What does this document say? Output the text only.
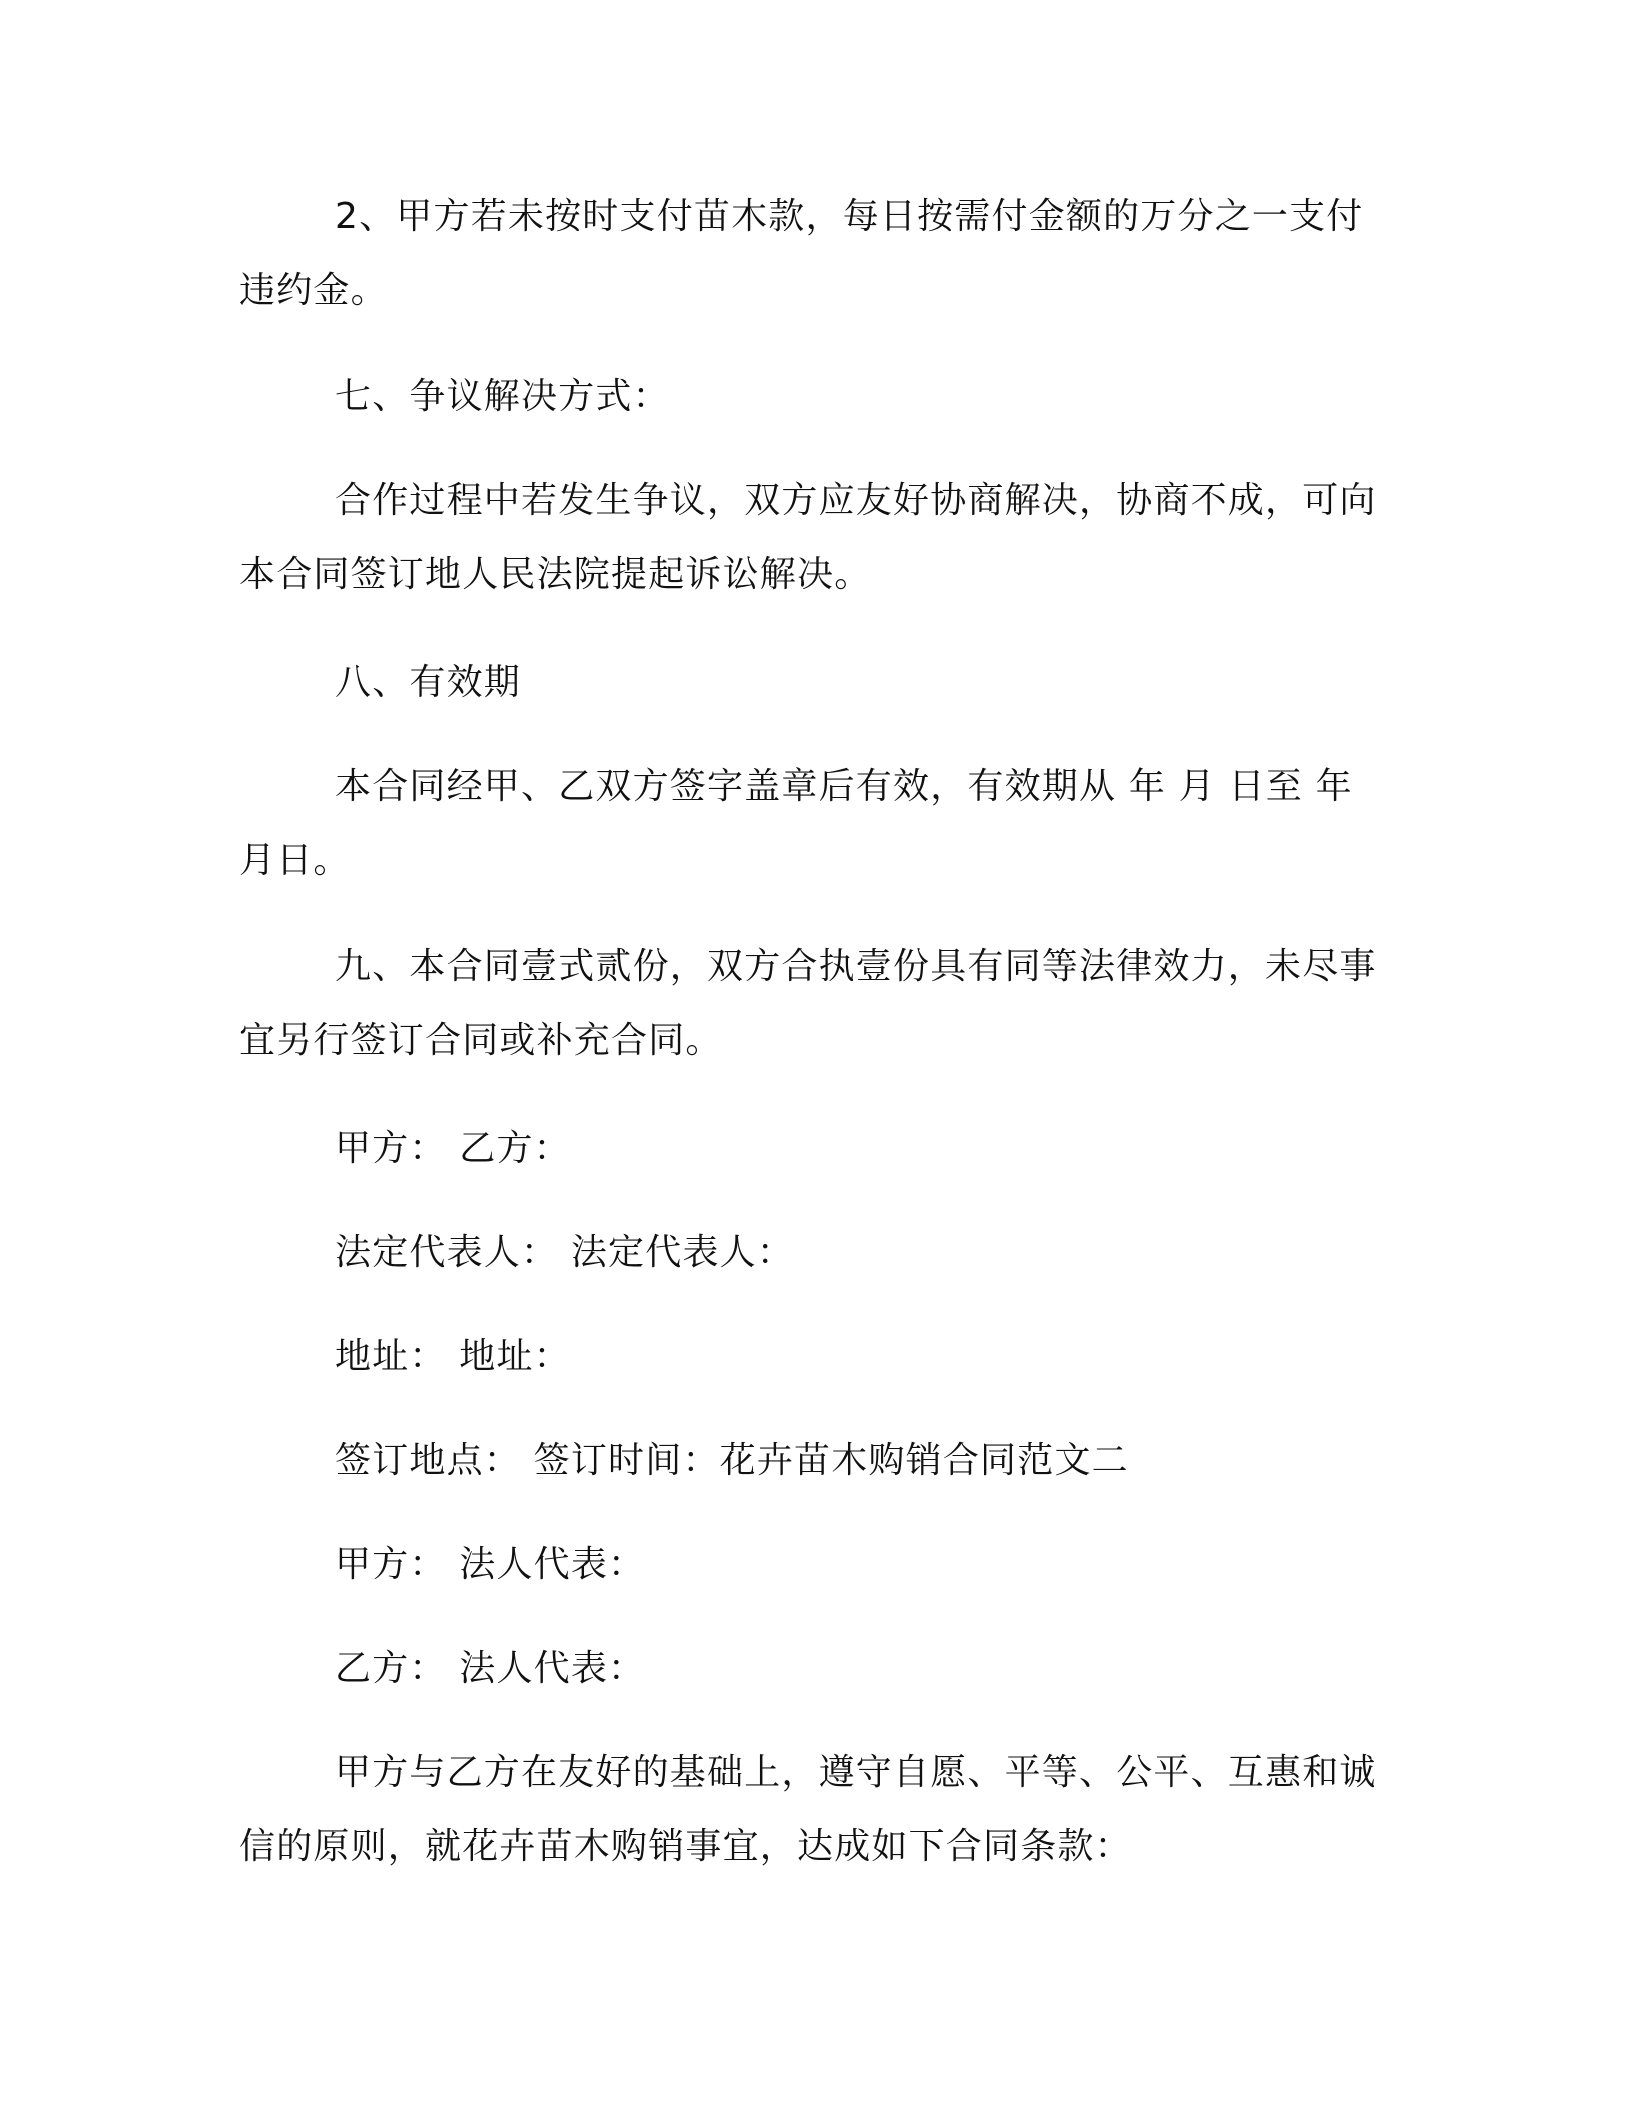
2、甲方若未按时支付苗木款，每日按需付金额的万分之一支付违约金。

七、争议解决方式：

合作过程中若发生争议，双方应友好协商解决，协商不成，可向本合同签订地人民法院提起诉讼解决。

八、有效期

本合同经甲、乙双方签字盖章后有效，有效期从 年 月 日至 年 月日。

九、本合同壹式贰份，双方合执壹份具有同等法律效力，未尽事宜另行签订合同或补充合同。

甲方： 乙方：

法定代表人： 法定代表人：

地址： 地址：

签订地点： 签订时间：花卉苗木购销合同范文二

甲方： 法人代表：

乙方： 法人代表：

甲方与乙方在友好的基础上，遵守自愿、平等、公平、互惠和诚信的原则，就花卉苗木购销事宜，达成如下合同条款：
